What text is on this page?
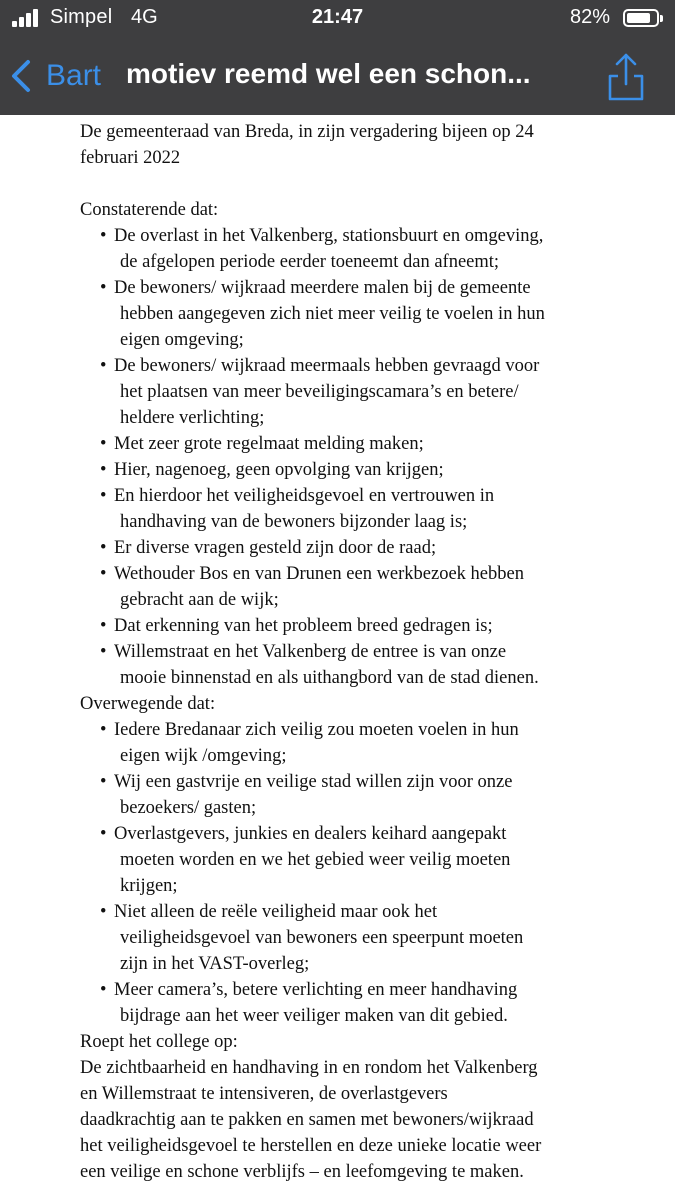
Simpel 4G	21:47	82%
Bart motiev reemd wel een schon...

De gemeenteraad van Breda, in zijn vergadering bijeen op 24

februari 2022

Constaterende dat:

• De overlast in het Valkenberg, stationsbuurt en omgeving,
de afgelopen periode eerder toeneemt dan afneemt;
• De bewoners/ wijkraad meerdere malen bij de gemeente
hebben aangegeven zich niet meer veilig te voelen in hun
eigen omgeving;
• De bewoners/ wijkraad meermaals hebben gevraagd voor
het plaatsen van meer beveiligingscamara’s en betere/
heldere verlichting;
• Met zeer grote regelmaat melding maken;
• Hier, nagenoeg, geen opvolging van krijgen;
• En hierdoor het veiligheidsgevoel en vertrouwen in
handhaving van de bewoners bijzonder laag is;
• Er diverse vragen gesteld zijn door de raad;
• Wethouder Bos en van Drunen een werkbezoek hebben
gebracht aan de wijk;
• Dat erkenning van het probleem breed gedragen is;
• Willemstraat en het Valkenberg de entree is van onze
mooie binnenstad en als uithangbord van de stad dienen.

Overwegende dat:

• Iedere Bredanaar zich veilig zou moeten voelen in hun
eigen wijk /omgeving;
• Wij een gastvrije en veilige stad willen zijn voor onze
bezoekers/ gasten;
• Overlastgevers, junkies en dealers keihard aangepakt
moeten worden en we het gebied weer veilig moeten
krijgen;
• Niet alleen de reële veiligheid maar ook het
veiligheidsgevoel van bewoners een speerpunt moeten
zijn in het VAST-overleg;
• Meer camera’s, betere verlichting en meer handhaving
bijdrage aan het weer veiliger maken van dit gebied.

Roept het college op:

De zichtbaarheid en handhaving in en rondom het Valkenberg

en Willemstraat te intensiveren, de overlastgevers

daadkrachtig aan te pakken en samen met bewoners/wijkraad

het veiligheidsgevoel te herstellen en deze unieke locatie weer

een veilige en schone verblijfs – en leefomgeving te maken.
